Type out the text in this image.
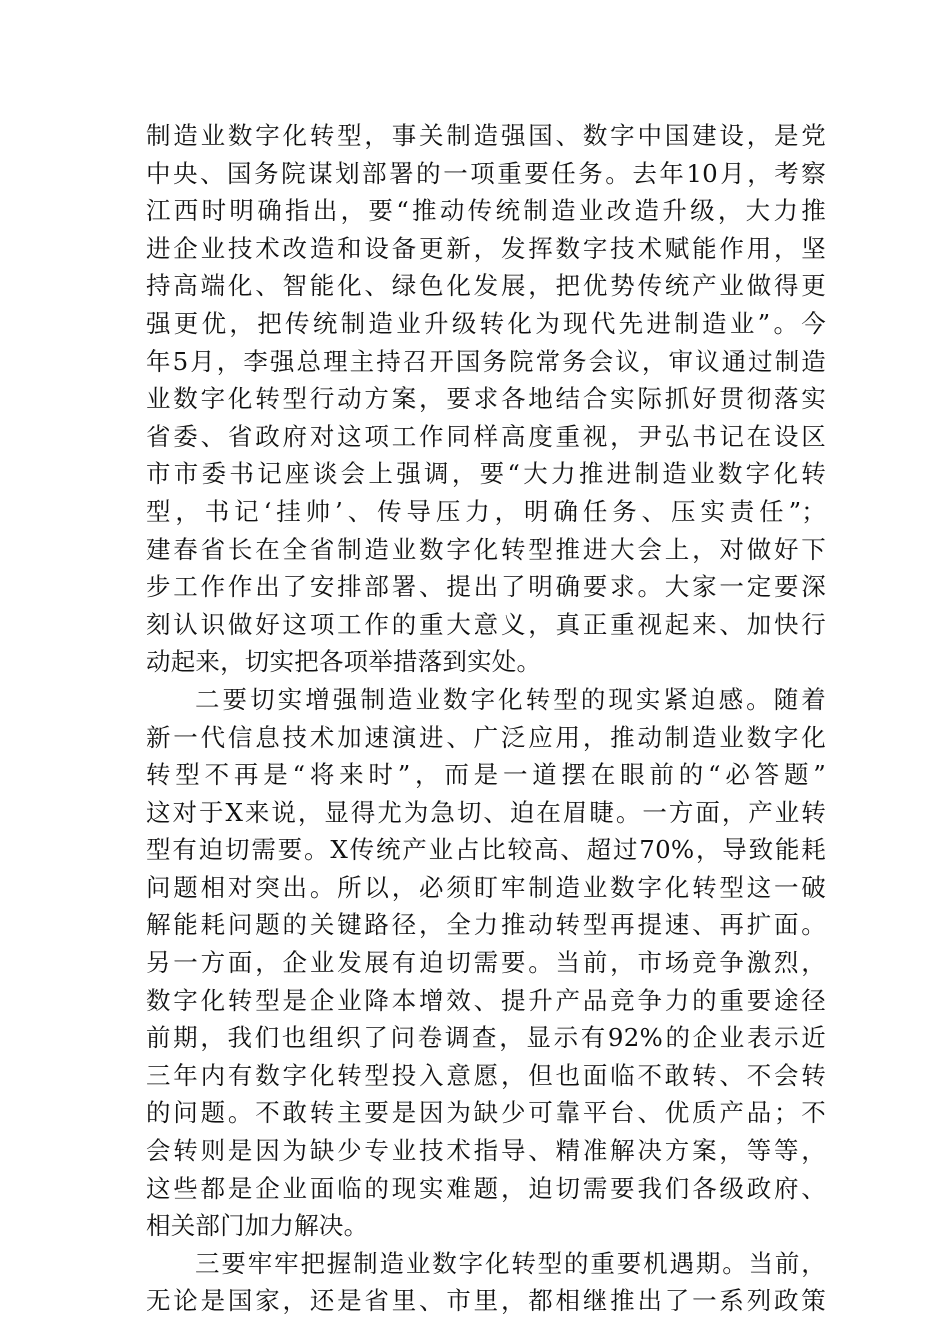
制造业数字化转型，事关制造强国、数字中国建设，是党
中央、国务院谋划部署的一项重要任务。去年10月，考察
江西时明确指出，要“推动传统制造业改造升级，大力推
进企业技术改造和设备更新，发挥数字技术赋能作用，坚
持高端化、智能化、绿色化发展，把优势传统产业做得更
强更优，把传统制造业升级转化为现代先进制造业”。今
年5月，李强总理主持召开国务院常务会议，审议通过制造
业数字化转型行动方案，要求各地结合实际抓好贯彻落实
省委、省政府对这项工作同样高度重视，尹弘书记在设区
市市委书记座谈会上强调，要“大力推进制造业数字化转
型，书记‘挂帅’、传导压力，明确任务、压实责任”；
建春省长在全省制造业数字化转型推进大会上，对做好下
步工作作出了安排部署、提出了明确要求。大家一定要深
刻认识做好这项工作的重大意义，真正重视起来、加快行
动起来，切实把各项举措落到实处。
二要切实增强制造业数字化转型的现实紧迫感。随着
新一代信息技术加速演进、广泛应用，推动制造业数字化
转型不再是“将来时”，而是一道摆在眼前的“必答题”
这对于X来说，显得尤为急切、迫在眉睫。一方面，产业转
型有迫切需要。X传统产业占比较高、超过70%，导致能耗
问题相对突出。所以，必须盯牢制造业数字化转型这一破
解能耗问题的关键路径，全力推动转型再提速、再扩面。
另一方面，企业发展有迫切需要。当前，市场竞争激烈，
数字化转型是企业降本增效、提升产品竞争力的重要途径
前期，我们也组织了问卷调查，显示有92%的企业表示近
三年内有数字化转型投入意愿，但也面临不敢转、不会转
的问题。不敢转主要是因为缺少可靠平台、优质产品；不
会转则是因为缺少专业技术指导、精准解决方案，等等，
这些都是企业面临的现实难题，迫切需要我们各级政府、
相关部门加力解决。
三要牢牢把握制造业数字化转型的重要机遇期。当前，
无论是国家，还是省里、市里，都相继推出了一系列政策
